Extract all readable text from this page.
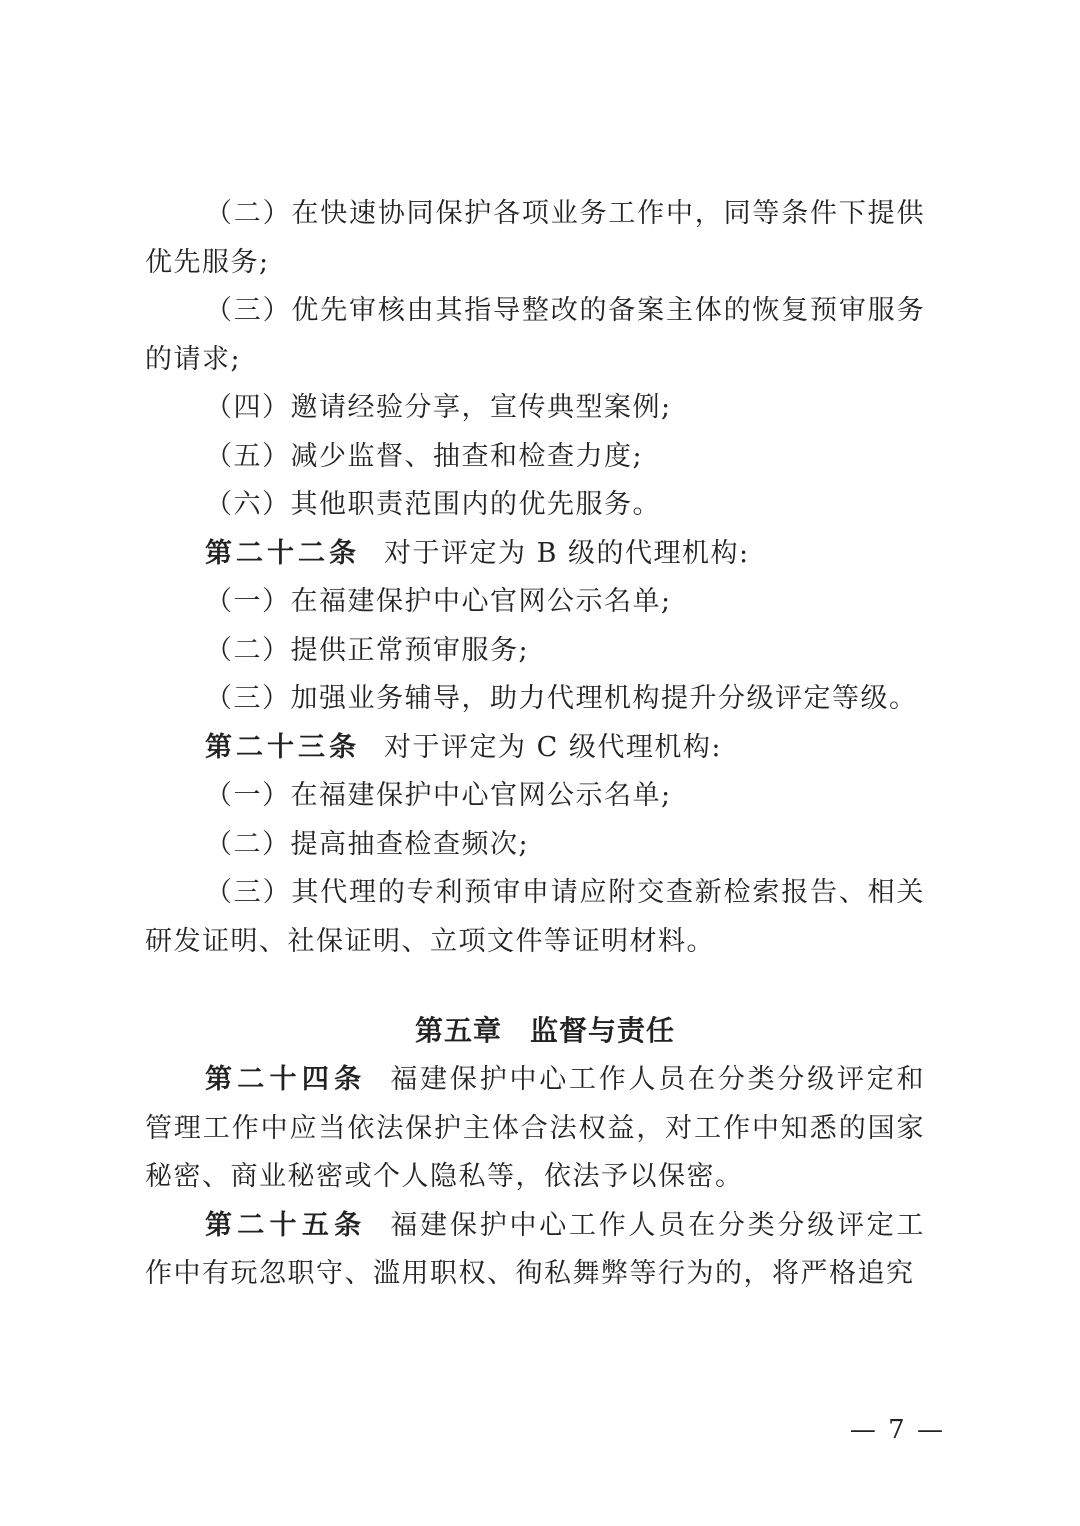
（二）在快速协同保护各项业务工作中，同等条件下提供优先服务;

（三）优先审核由其指导整改的备案主体的恢复预审服务的请求;

（四）邀请经验分享，宣传典型案例;

（五）减少监督、抽查和检查力度;

（六）其他职责范围内的优先服务。

第二十二条 对于评定为 B 级的代理机构:

（一）在福建保护中心官网公示名单;

（二）提供正常预审服务;

（三）加强业务辅导，助力代理机构提升分级评定等级。

第二十三条 对于评定为 C 级代理机构:

（一）在福建保护中心官网公示名单;

（二）提高抽查检查频次;

（三）其代理的专利预审申请应附交查新检索报告、相关研发证明、社保证明、立项文件等证明材料。

第五章 监督与责任

第二十四条 福建保护中心工作人员在分类分级评定和管理工作中应当依法保护主体合法权益，对工作中知悉的国家秘密、商业秘密或个人隐私等，依法予以保密。

第二十五条 福建保护中心工作人员在分类分级评定工作中有玩忽职守、滥用职权、徇私舞弊等行为的，将严格追究

— 7 —
